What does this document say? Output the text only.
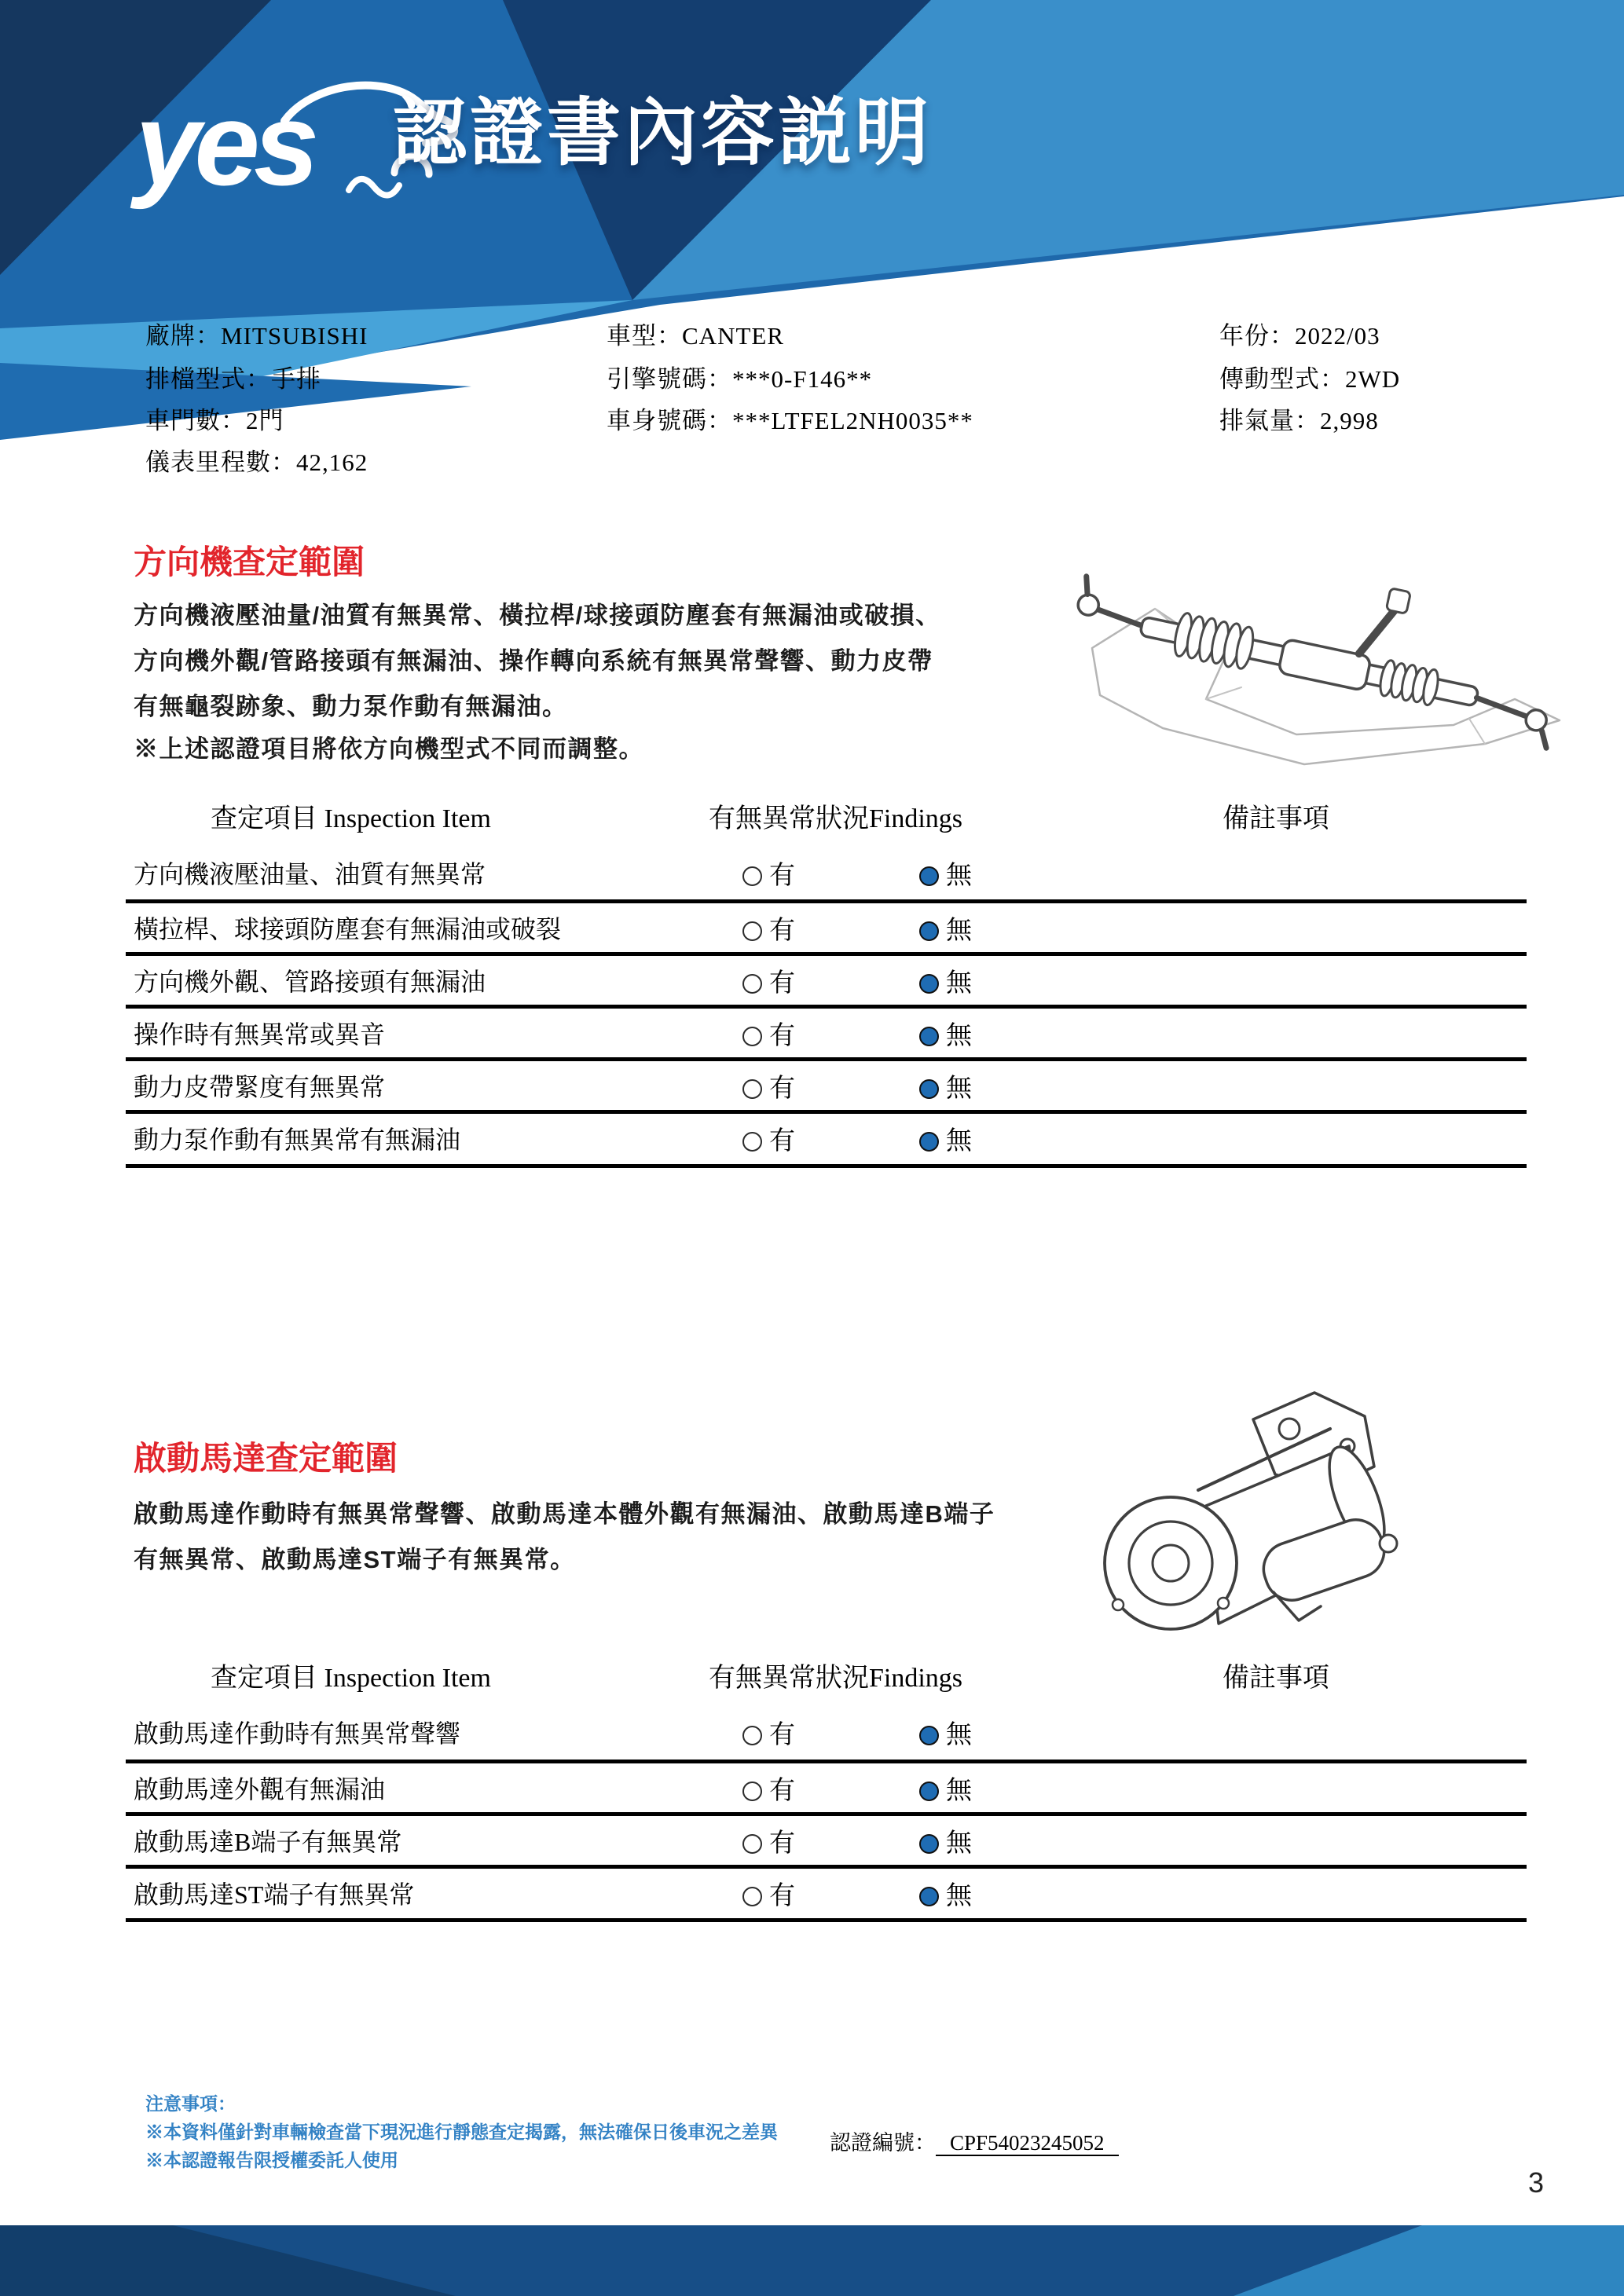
yes 認證書內容説明
廠牌：MITSUBISHI
排檔型式：手排
車門數：2門
儀表里程數：42,162
車型：CANTER
引擎號碼：***0-F146**
車身號碼：***LTFEL2NH0035**
年份：2022/03
傳動型式：2WD
排氣量：2,998
方向機查定範圍
方向機液壓油量/油質有無異常、橫拉桿/球接頭防塵套有無漏油或破損、
方向機外觀/管路接頭有無漏油、操作轉向系統有無異常聲響、動力皮帶
有無龜裂跡象、動力泵作動有無漏油。
※上述認證項目將依方向機型式不同而調整。
查定項目 Inspection Item	有無異常狀況Findings	備註事項
方向機液壓油量、油質有無異常	有	無
橫拉桿、球接頭防塵套有無漏油或破裂	有	無
方向機外觀、管路接頭有無漏油	有	無
操作時有無異常或異音	有	無
動力皮帶緊度有無異常	有	無
動力泵作動有無異常有無漏油	有	無
啟動馬達查定範圍
啟動馬達作動時有無異常聲響、啟動馬達本體外觀有無漏油、啟動馬達B端子
有無異常、啟動馬達ST端子有無異常。
查定項目 Inspection Item	有無異常狀況Findings	備註事項
啟動馬達作動時有無異常聲響	有	無
啟動馬達外觀有無漏油	有	無
啟動馬達B端子有無異常	有	無
啟動馬達ST端子有無異常	有	無
注意事項：
※本資料僅針對車輛檢查當下現況進行靜態查定揭露，無法確保日後車況之差異
※本認證報告限授權委託人使用
認證編號： CPF54023245052
3
